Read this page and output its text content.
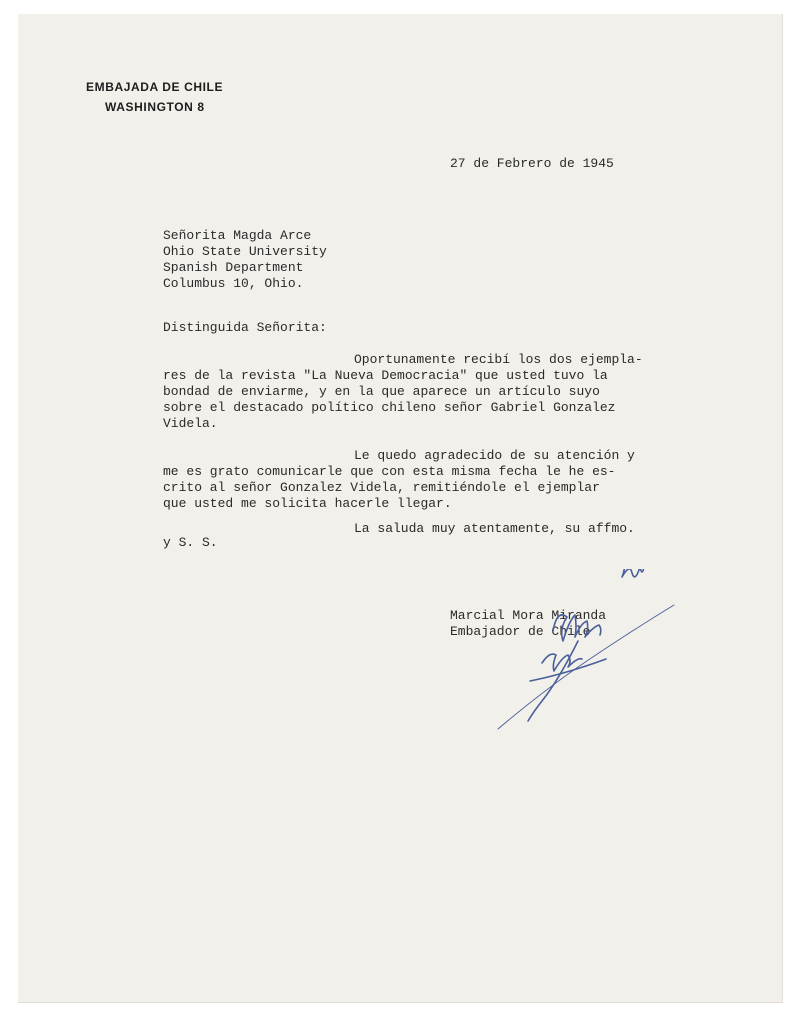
EMBAJADA DE CHILE
WASHINGTON 8
27 de Febrero de 1945
Señorita Magda Arce
Ohio State University
Spanish Department
Columbus 10, Ohio.
Distinguida Señorita:
Oportunamente recibí los dos ejempla-
res de la revista "La Nueva Democracia" que usted tuvo la
bondad de enviarme, y en la que aparece un artículo suyo
sobre el destacado político chileno señor Gabriel Gonzalez
Videla.
Le quedo agradecido de su atención y
me es grato comunicarle que con esta misma fecha le he es-
crito al señor Gonzalez Videla, remitiéndole el ejemplar
que usted me solicita hacerle llegar.
La saluda muy atentamente, su affmo.
y S. S.
Marcial Mora Miranda
Embajador de Chile
